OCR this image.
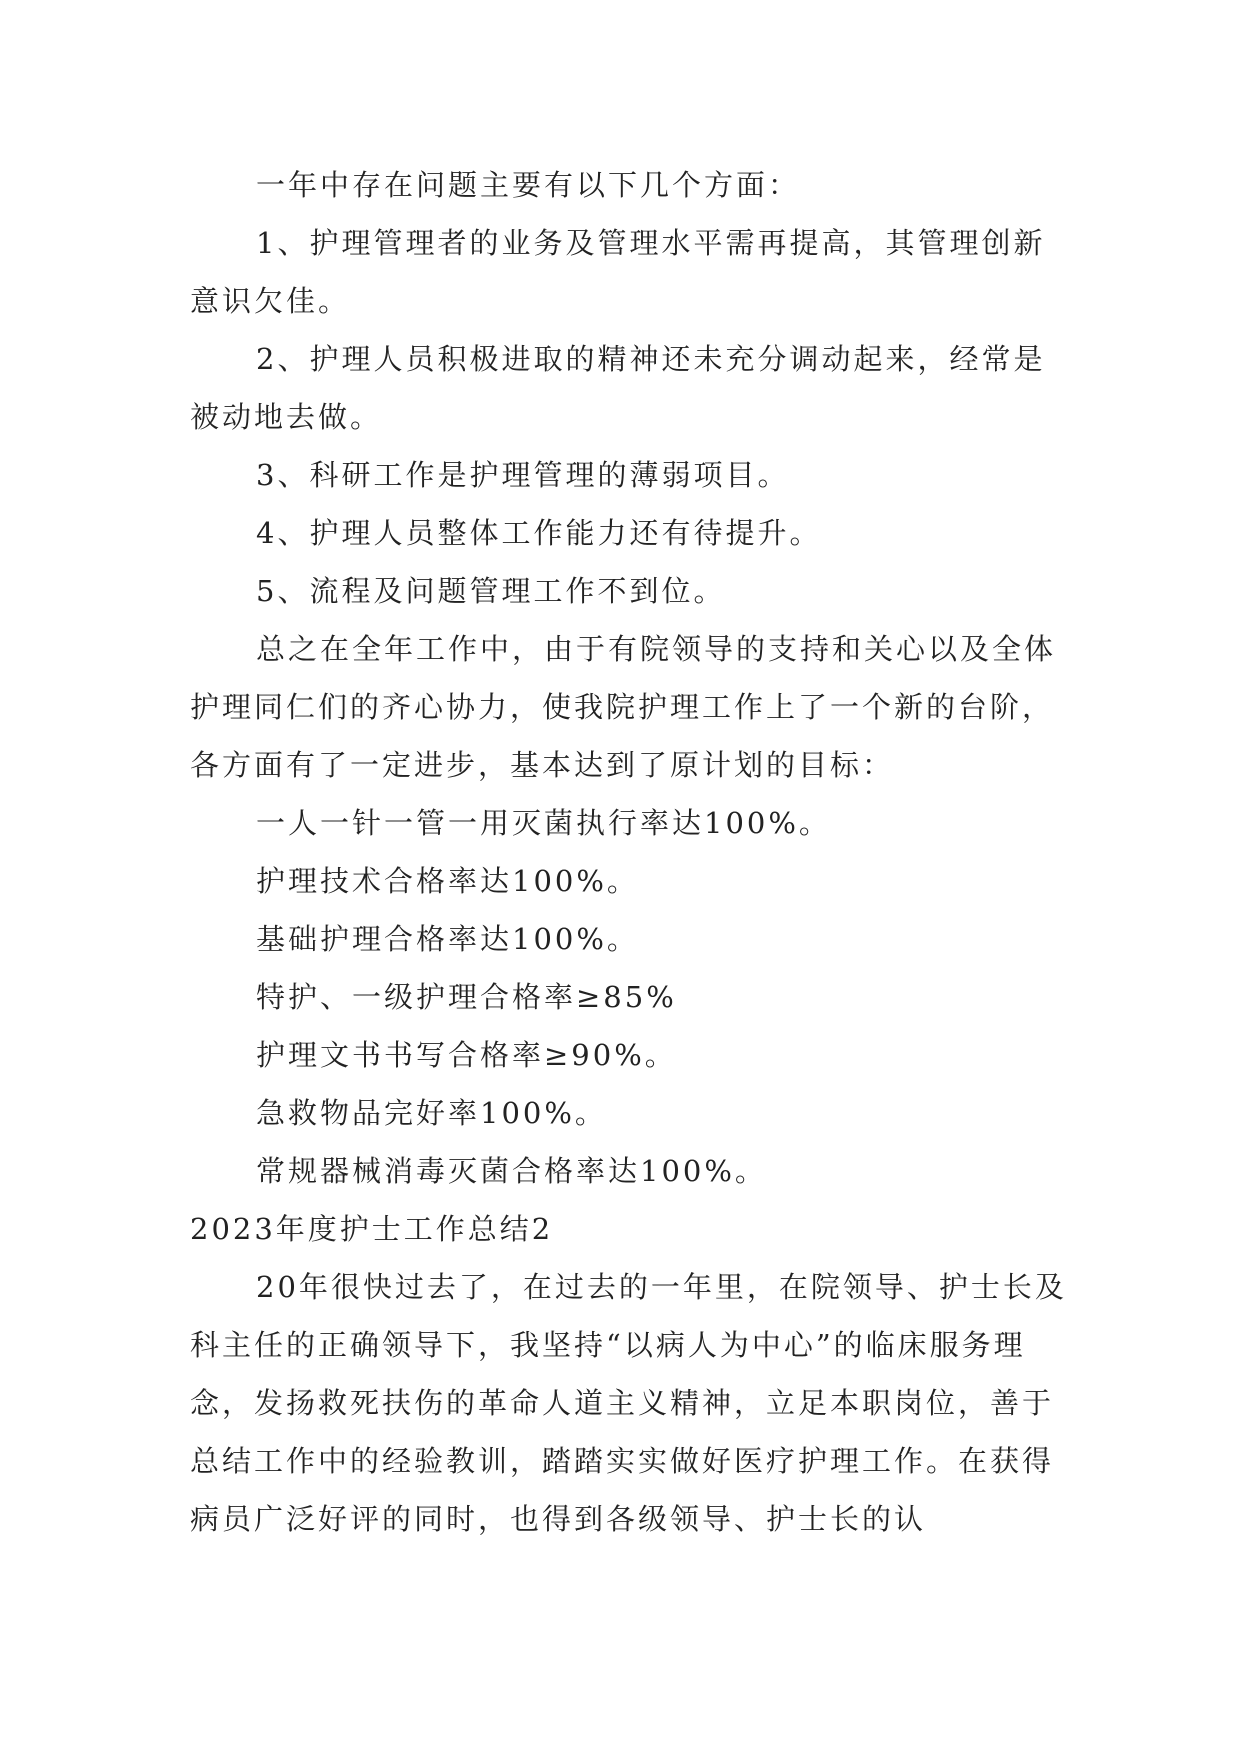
一年中存在问题主要有以下几个方面：

1、护理管理者的业务及管理水平需再提高，其管理创新意识欠佳。

2、护理人员积极进取的精神还未充分调动起来，经常是被动地去做。

3、科研工作是护理管理的薄弱项目。

4、护理人员整体工作能力还有待提升。

5、流程及问题管理工作不到位。

总之在全年工作中，由于有院领导的支持和关心以及全体护理同仁们的齐心协力，使我院护理工作上了一个新的台阶，各方面有了一定进步，基本达到了原计划的目标：

一人一针一管一用灭菌执行率达100%。

护理技术合格率达100%。

基础护理合格率达100%。

特护、一级护理合格率≥85%

护理文书书写合格率≥90%。

急救物品完好率100%。

常规器械消毒灭菌合格率达100%。

2023年度护士工作总结2

20年很快过去了，在过去的一年里，在院领导、护士长及科主任的正确领导下，我坚持“以病人为中心”的临床服务理念，发扬救死扶伤的革命人道主义精神，立足本职岗位，善于总结工作中的经验教训，踏踏实实做好医疗护理工作。在获得病员广泛好评的同时，也得到各级领导、护士长的认
